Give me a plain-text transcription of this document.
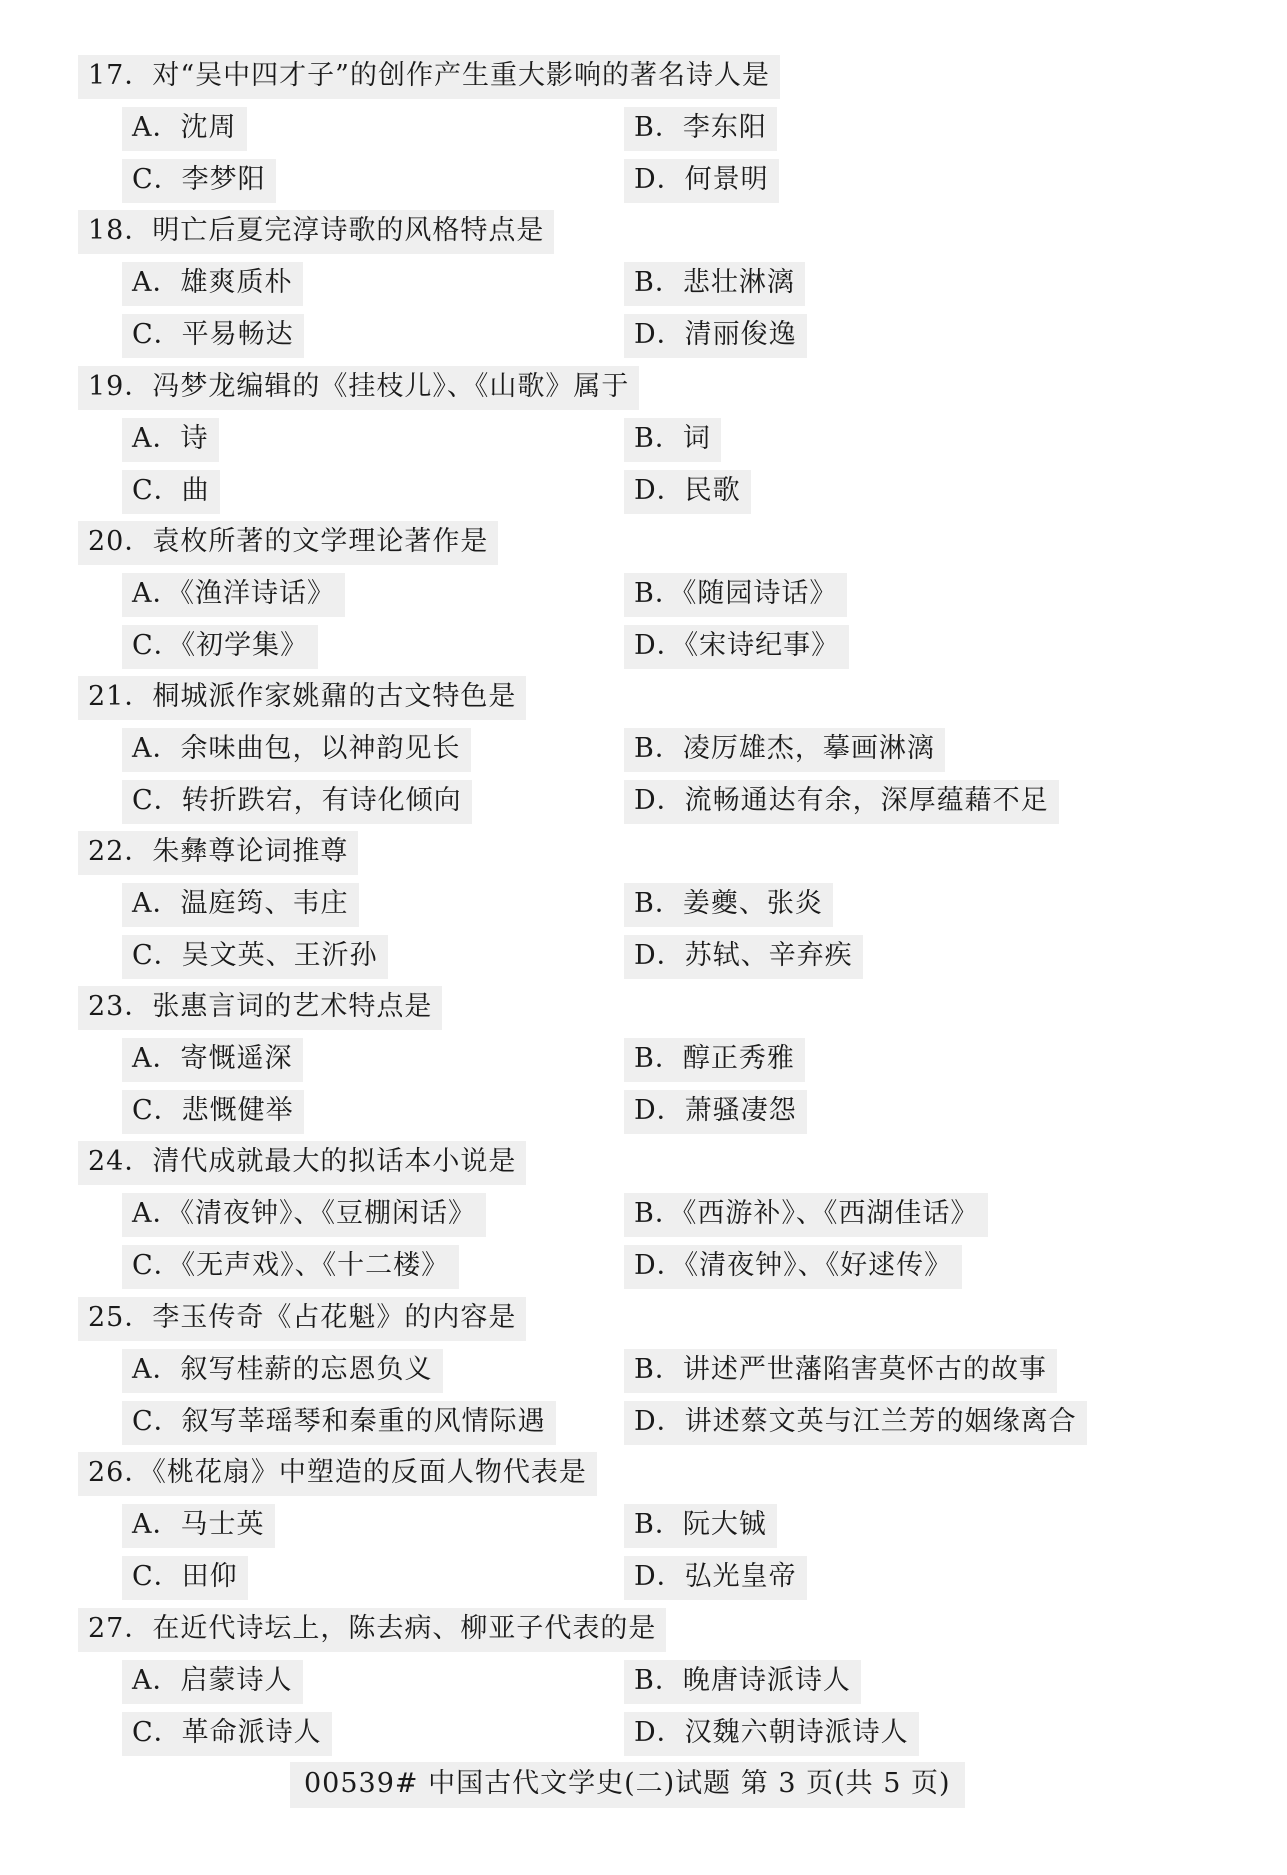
17．对“吴中四才子”的创作产生重大影响的著名诗人是
A．沈周	B．李东阳
C．李梦阳	D．何景明
18．明亡后夏完淳诗歌的风格特点是
A．雄爽质朴	B．悲壮淋漓
C．平易畅达	D．清丽俊逸
19．冯梦龙编辑的《挂枝儿》、《山歌》属于
A．诗	B．词
C．曲	D．民歌
20．袁枚所著的文学理论著作是
A．《渔洋诗话》	B．《随园诗话》
C．《初学集》	D．《宋诗纪事》
21．桐城派作家姚鼐的古文特色是
A．余味曲包，以神韵见长	B．凌厉雄杰，摹画淋漓
C．转折跌宕，有诗化倾向	D．流畅通达有余，深厚蕴藉不足
22．朱彝尊论词推尊
A．温庭筠、韦庄	B．姜夔、张炎
C．吴文英、王沂孙	D．苏轼、辛弃疾
23．张惠言词的艺术特点是
A．寄慨遥深	B．醇正秀雅
C．悲慨健举	D．萧骚凄怨
24．清代成就最大的拟话本小说是
A．《清夜钟》、《豆棚闲话》	B．《西游补》、《西湖佳话》
C．《无声戏》、《十二楼》	D．《清夜钟》、《好逑传》
25．李玉传奇《占花魁》的内容是
A．叙写桂薪的忘恩负义	B．讲述严世藩陷害莫怀古的故事
C．叙写莘瑶琴和秦重的风情际遇	D．讲述蔡文英与江兰芳的姻缘离合
26．《桃花扇》中塑造的反面人物代表是
A．马士英	B．阮大铖
C．田仰	D．弘光皇帝
27．在近代诗坛上，陈去病、柳亚子代表的是
A．启蒙诗人	B．晚唐诗派诗人
C．革命派诗人	D．汉魏六朝诗派诗人
00539# 中国古代文学史(二)试题 第 3 页(共 5 页)
